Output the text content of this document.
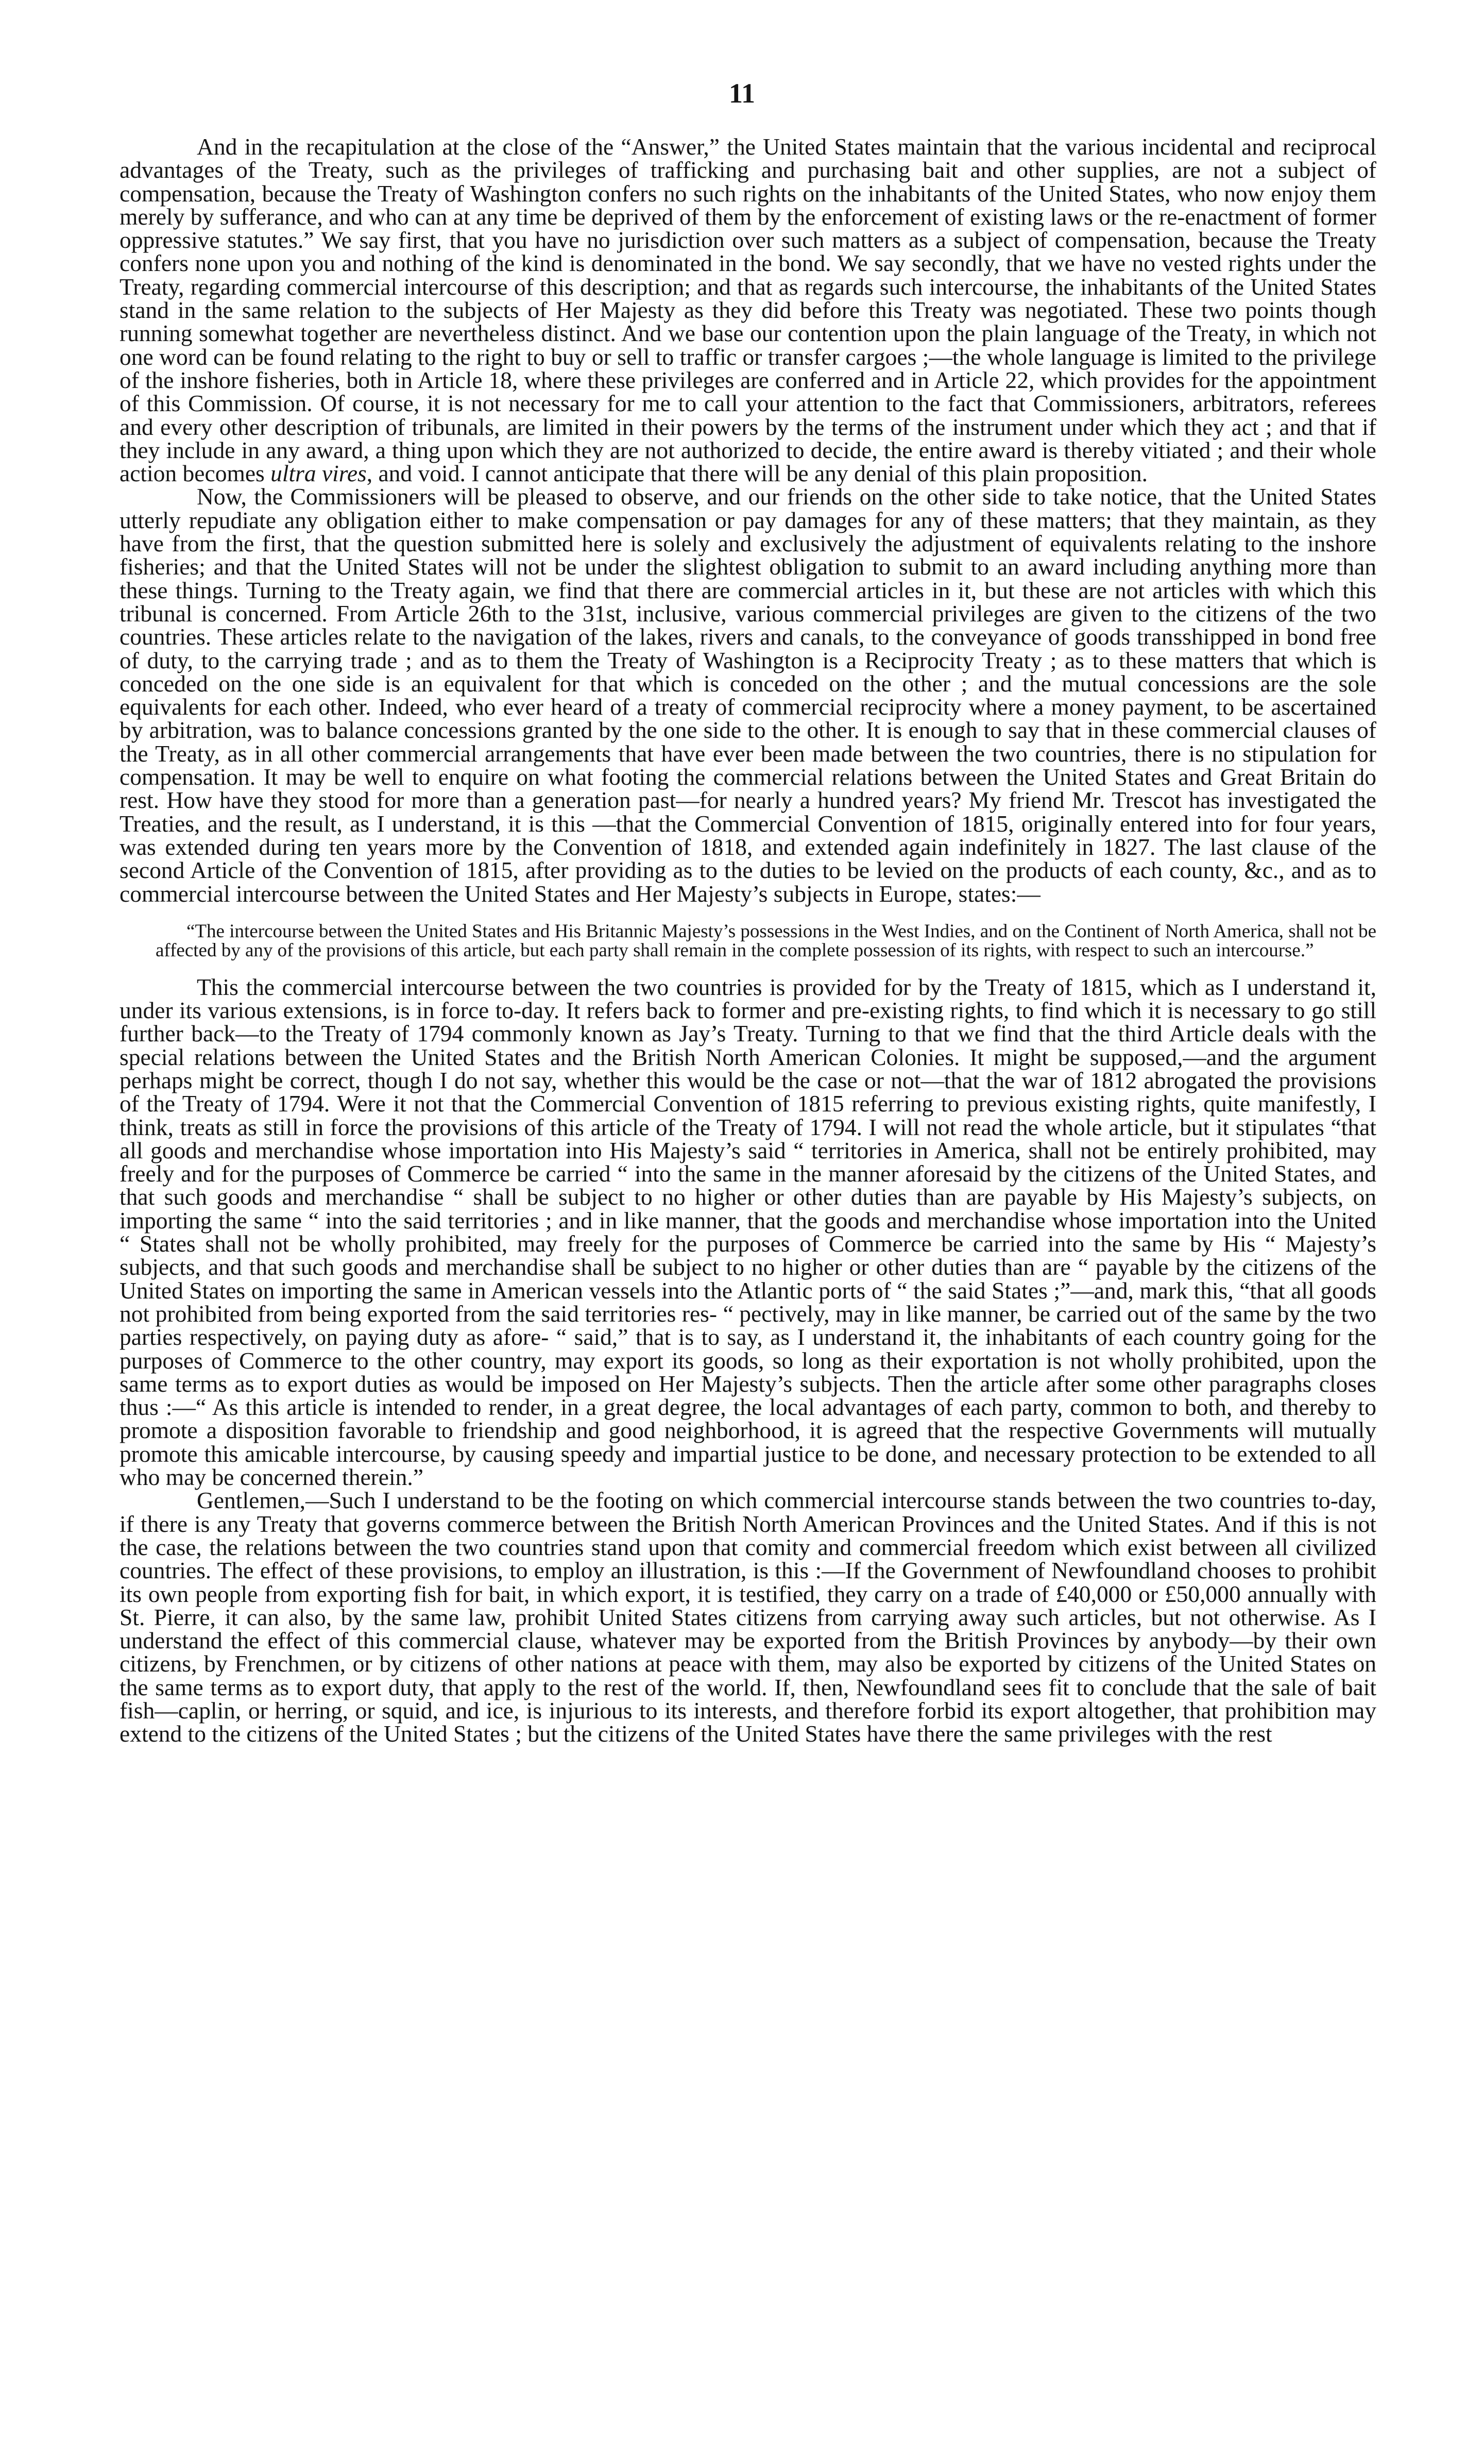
11

And in the recapitulation at the close of the “Answer,” the United States maintain that the various incidental and reciprocal advantages of the Treaty, such as the privileges of trafficking and purchasing bait and other supplies, are not a subject of compensation, because the Treaty of Washington confers no such rights on the inhabitants of the United States, who now enjoy them merely by sufferance, and who can at any time be deprived of them by the enforcement of existing laws or the re-enactment of former oppressive statutes.” We say first, that you have no jurisdiction over such matters as a subject of compensation, because the Treaty confers none upon you and nothing of the kind is denominated in the bond. We say secondly, that we have no vested rights under the Treaty, regarding commercial intercourse of this description; and that as regards such intercourse, the inhabitants of the United States stand in the same relation to the subjects of Her Majesty as they did before this Treaty was negotiated. These two points though running somewhat together are nevertheless distinct. And we base our contention upon the plain language of the Treaty, in which not one word can be found relating to the right to buy or sell to traffic or transfer cargoes ;—the whole language is limited to the privilege of the inshore fisheries, both in Article 18, where these privileges are conferred and in Article 22, which provides for the appointment of this Commission. Of course, it is not necessary for me to call your attention to the fact that Commissioners, arbitrators, referees and every other description of tribunals, are limited in their powers by the terms of the instrument under which they act ; and that if they include in any award, a thing upon which they are not authorized to decide, the entire award is thereby vitiated ; and their whole action becomes ultra vires, and void. I cannot anticipate that there will be any denial of this plain proposition.

Now, the Commissioners will be pleased to observe, and our friends on the other side to take notice, that the United States utterly repudiate any obligation either to make compensation or pay damages for any of these matters; that they maintain, as they have from the first, that the question submitted here is solely and exclusively the adjustment of equivalents relating to the inshore fisheries; and that the United States will not be under the slightest obligation to submit to an award including anything more than these things. Turning to the Treaty again, we find that there are commercial articles in it, but these are not articles with which this tribunal is concerned. From Article 26th to the 31st, inclusive, various commercial privileges are given to the citizens of the two countries. These articles relate to the navigation of the lakes, rivers and canals, to the conveyance of goods transshipped in bond free of duty, to the carrying trade ; and as to them the Treaty of Washington is a Reciprocity Treaty ; as to these matters that which is conceded on the one side is an equivalent for that which is conceded on the other ; and the mutual concessions are the sole equivalents for each other. Indeed, who ever heard of a treaty of commercial reciprocity where a money payment, to be ascertained by arbitration, was to balance concessions granted by the one side to the other. It is enough to say that in these commercial clauses of the Treaty, as in all other commercial arrangements that have ever been made between the two countries, there is no stipulation for compensation. It may be well to enquire on what footing the commercial relations between the United States and Great Britain do rest. How have they stood for more than a generation past—for nearly a hundred years? My friend Mr. Trescot has investigated the Treaties, and the result, as I understand, it is this —that the Commercial Convention of 1815, originally entered into for four years, was extended during ten years more by the Convention of 1818, and extended again indefinitely in 1827. The last clause of the second Article of the Convention of 1815, after providing as to the duties to be levied on the products of each county, &c., and as to commercial intercourse between the United States and Her Majesty’s subjects in Europe, states:—

“The intercourse between the United States and His Britannic Majesty’s possessions in the West Indies, and on the Continent of North America, shall not be affected by any of the provisions of this article, but each party shall remain in the complete possession of its rights, with respect to such an intercourse.”

This the commercial intercourse between the two countries is provided for by the Treaty of 1815, which as I understand it, under its various extensions, is in force to-day. It refers back to former and pre-existing rights, to find which it is necessary to go still further back—to the Treaty of 1794 commonly known as Jay’s Treaty. Turning to that we find that the third Article deals with the special relations between the United States and the British North American Colonies. It might be supposed,—and the argument perhaps might be correct, though I do not say, whether this would be the case or not—that the war of 1812 abrogated the provisions of the Treaty of 1794. Were it not that the Commercial Convention of 1815 referring to previous existing rights, quite manifestly, I think, treats as still in force the provisions of this article of the Treaty of 1794. I will not read the whole article, but it stipulates “that all goods and merchandise whose importation into His Majesty’s said “ territories in America, shall not be entirely prohibited, may freely and for the purposes of Commerce be carried “ into the same in the manner aforesaid by the citizens of the United States, and that such goods and merchandise “ shall be subject to no higher or other duties than are payable by His Majesty’s subjects, on importing the same “ into the said territories ; and in like manner, that the goods and merchandise whose importation into the United “ States shall not be wholly prohibited, may freely for the purposes of Commerce be carried into the same by His “ Majesty’s subjects, and that such goods and merchandise shall be subject to no higher or other duties than are “ payable by the citizens of the United States on importing the same in American vessels into the Atlantic ports of “ the said States ;”—and, mark this, “that all goods not prohibited from being exported from the said territories res- “ pectively, may in like manner, be carried out of the same by the two parties respectively, on paying duty as afore- “ said,” that is to say, as I understand it, the inhabitants of each country going for the purposes of Commerce to the other country, may export its goods, so long as their exportation is not wholly prohibited, upon the same terms as to export duties as would be imposed on Her Majesty’s subjects. Then the article after some other paragraphs closes thus :—“ As this article is intended to render, in a great degree, the local advantages of each party, common to both, and thereby to promote a disposition favorable to friendship and good neighborhood, it is agreed that the respective Governments will mutually promote this amicable intercourse, by causing speedy and impartial justice to be done, and necessary protection to be extended to all who may be concerned therein.”

Gentlemen,—Such I understand to be the footing on which commercial intercourse stands between the two countries to-day, if there is any Treaty that governs commerce between the British North American Provinces and the United States. And if this is not the case, the relations between the two countries stand upon that comity and commercial freedom which exist between all civilized countries. The effect of these provisions, to employ an illustration, is this :—If the Government of Newfoundland chooses to prohibit its own people from exporting fish for bait, in which export, it is testified, they carry on a trade of £40,000 or £50,000 annually with St. Pierre, it can also, by the same law, prohibit United States citizens from carrying away such articles, but not otherwise. As I understand the effect of this commercial clause, whatever may be exported from the British Provinces by anybody—by their own citizens, by Frenchmen, or by citizens of other nations at peace with them, may also be exported by citizens of the United States on the same terms as to export duty, that apply to the rest of the world. If, then, Newfoundland sees fit to conclude that the sale of bait fish—caplin, or herring, or squid, and ice, is injurious to its interests, and therefore forbid its export altogether, that prohibition may extend to the citizens of the United States ; but the citizens of the United States have there the same privileges with the rest
